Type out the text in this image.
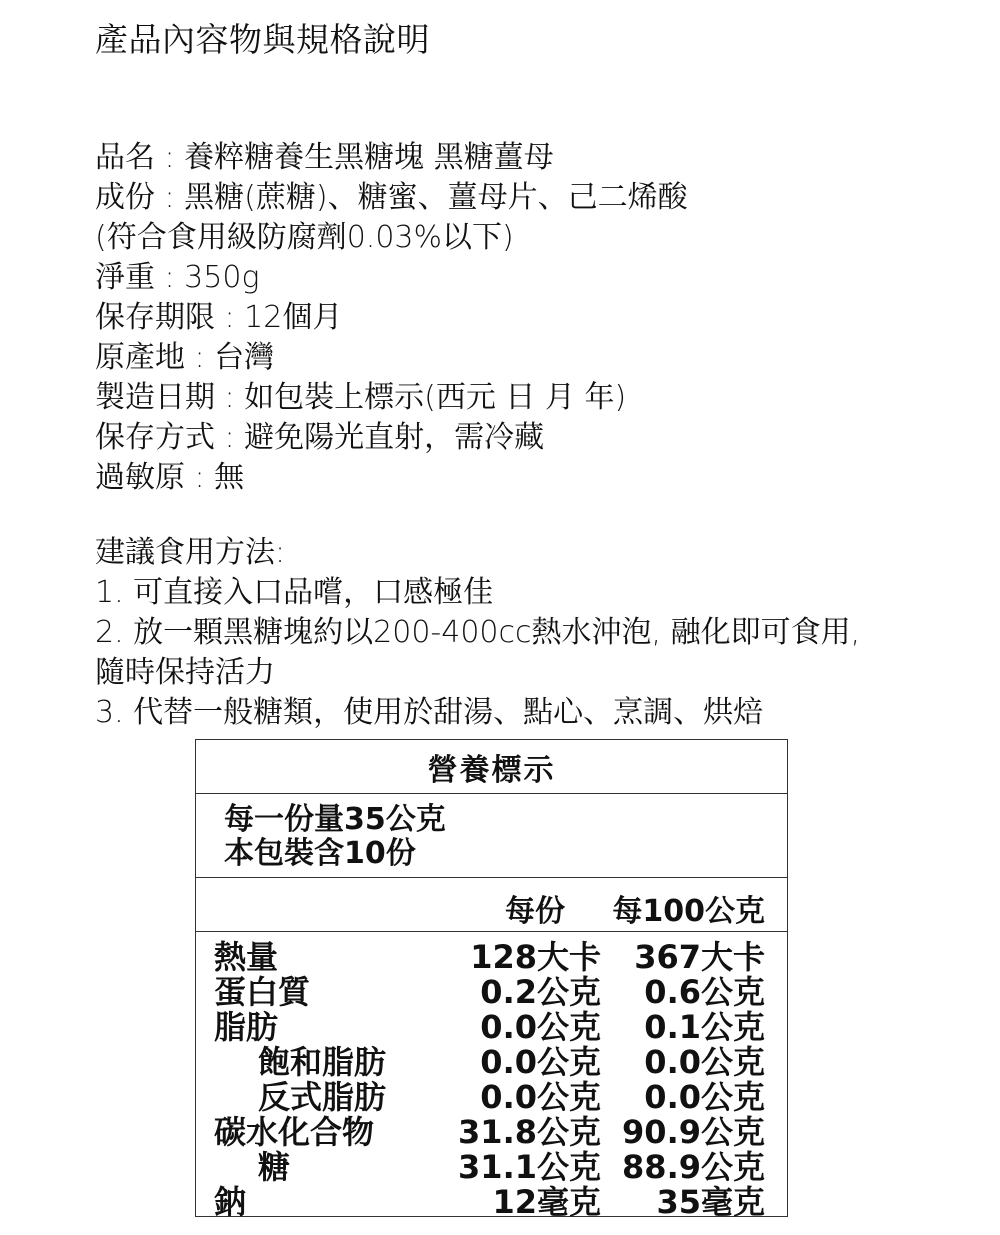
產品內容物與規格說明
品名 : 養粹糖養生黑糖塊 黑糖薑母
成份 : 黑糖(蔗糖)、糖蜜、薑母片、己二烯酸
(符合食用級防腐劑0.03%以下)
淨重 : 350g
保存期限 : 12個月
原產地 : 台灣
製造日期 : 如包裝上標示(西元 日 月 年)
保存方式 : 避免陽光直射，需冷藏
過敏原 : 無
建議食用方法:
1. 可直接入口品嚐，口感極佳
2. 放一顆黑糖塊約以200-400cc熱水沖泡, 融化即可食用,
隨時保持活力
3. 代替一般糖類，使用於甜湯、點心、烹調、烘焙
營養標示
每一份量35公克
本包裝含10份
每份 每100公克
熱量	128大卡 367大卡
蛋白質	0.2公克 0.6公克
脂肪	0.0公克 0.1公克
飽和脂肪	0.0公克 0.0公克
反式脂肪	0.0公克 0.0公克
碳水化合物	31.8公克 90.9公克
糖	31.1公克 88.9公克
鈉	12毫克 35毫克
